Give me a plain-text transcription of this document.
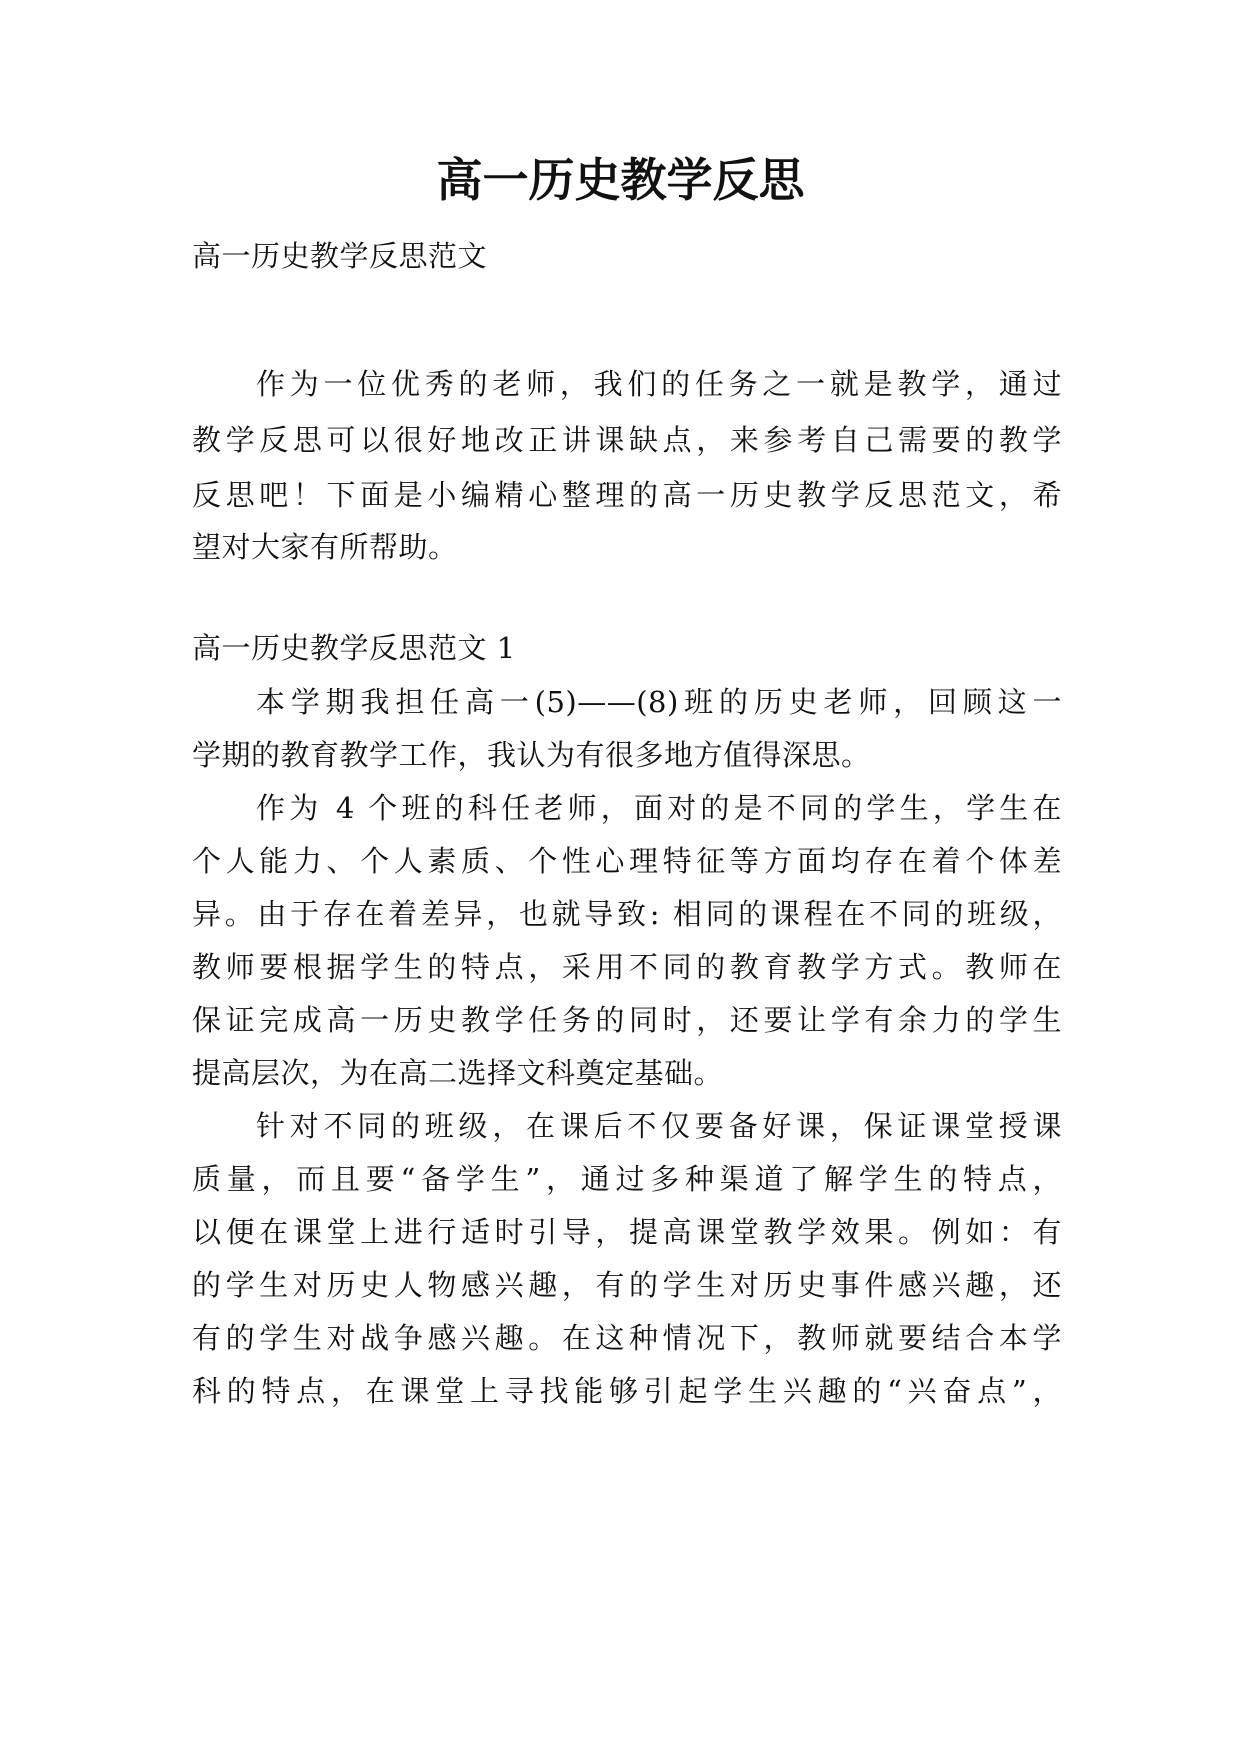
高一历史教学反思

高一历史教学反思范文

作为一位优秀的老师，我们的任务之一就是教学，通过

教学反思可以很好地改正讲课缺点，来参考自己需要的教学

反思吧！下面是小编精心整理的高一历史教学反思范文，希

望对大家有所帮助。

高一历史教学反思范文 1

本学期我担任高一(5)——(8)班的历史老师，回顾这一

学期的教育教学工作，我认为有很多地方值得深思。

作为 4 个班的科任老师，面对的是不同的学生，学生在

个人能力、个人素质、个性心理特征等方面均存在着个体差

异。由于存在着差异，也就导致: 相同的课程在不同的班级，

教师要根据学生的特点，采用不同的教育教学方式。教师在

保证完成高一历史教学任务的同时，还要让学有余力的学生

提高层次，为在高二选择文科奠定基础。

针对不同的班级，在课后不仅要备好课，保证课堂授课

质量，而且要“备学生”，通过多种渠道了解学生的特点，

以便在课堂上进行适时引导，提高课堂教学效果。例如：有

的学生对历史人物感兴趣，有的学生对历史事件感兴趣，还

有的学生对战争感兴趣。在这种情况下，教师就要结合本学

科的特点，在课堂上寻找能够引起学生兴趣的“兴奋点”，
